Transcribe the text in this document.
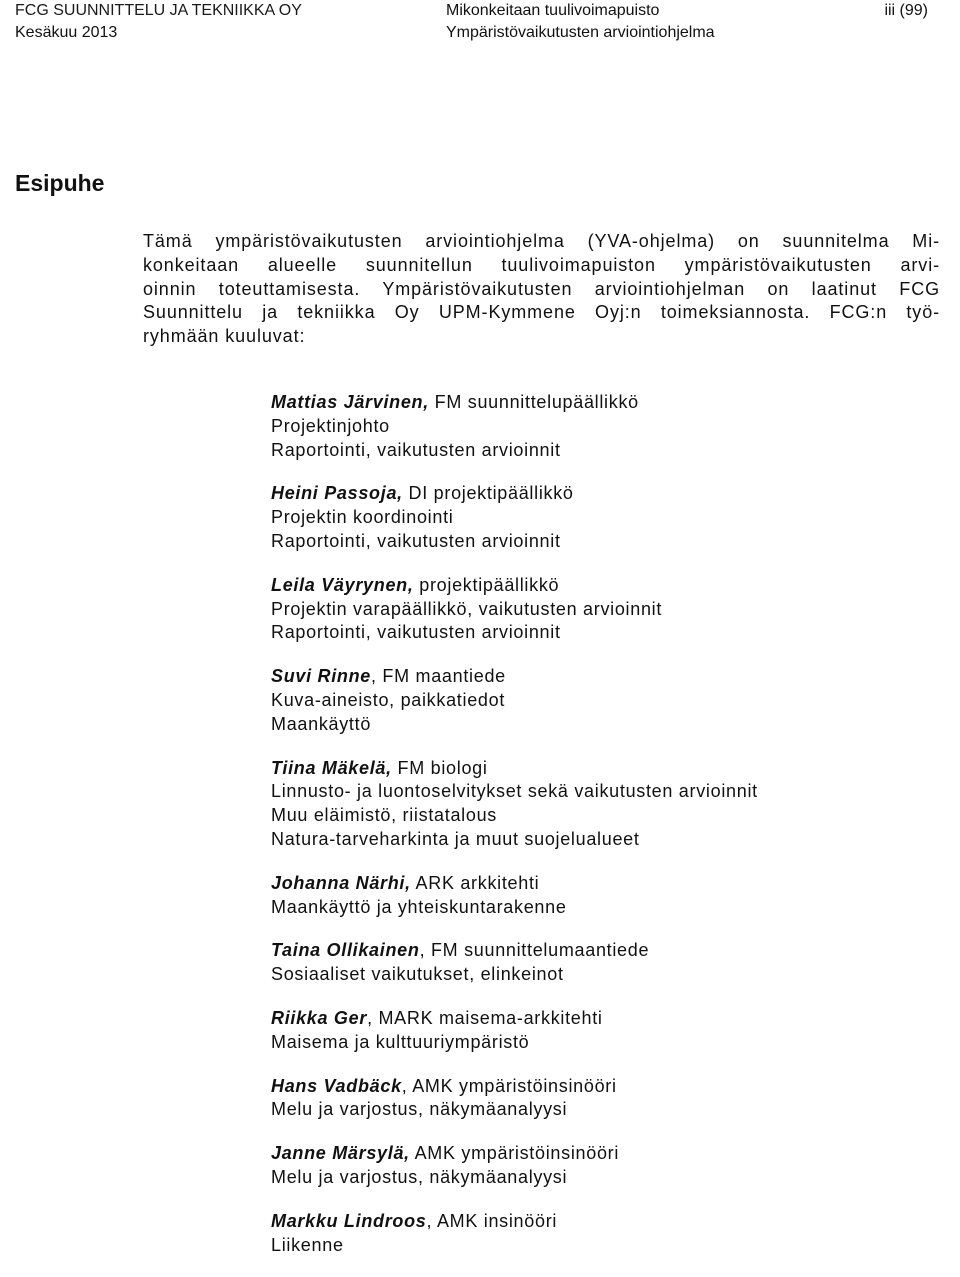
FCG SUUNNITTELU JA TEKNIIKKA OY
Kesäkuu 2013
Mikonkeitaan tuulivoimapuisto
Ympäristövaikutusten arviointiohjelma
iii (99)
Esipuhe
Tämä ympäristövaikutusten arviointiohjelma (YVA-ohjelma) on suunnitelma Mi-
konkeitaan alueelle suunnitellun tuulivoimapuiston ympäristövaikutusten arvi-
oinnin toteuttamisesta. Ympäristövaikutusten arviointiohjelman on laatinut FCG
Suunnittelu ja tekniikka Oy UPM-Kymmene Oyj:n toimeksiannosta. FCG:n työ-
ryhmään kuuluvat:
Mattias Järvinen, FM suunnittelupäällikkö
Projektinjohto
Raportointi, vaikutusten arvioinnit
Heini Passoja, DI projektipäällikkö
Projektin koordinointi
Raportointi, vaikutusten arvioinnit
Leila Väyrynen, projektipäällikkö
Projektin varapäällikkö, vaikutusten arvioinnit
Raportointi, vaikutusten arvioinnit
Suvi Rinne, FM maantiede
Kuva-aineisto, paikkatiedot
Maankäyttö
Tiina Mäkelä, FM biologi
Linnusto- ja luontoselvitykset sekä vaikutusten arvioinnit
Muu eläimistö, riistatalous
Natura-tarveharkinta ja muut suojelualueet
Johanna Närhi, ARK arkkitehti
Maankäyttö ja yhteiskuntarakenne
Taina Ollikainen, FM suunnittelumaantiede
Sosiaaliset vaikutukset, elinkeinot
Riikka Ger, MARK maisema-arkkitehti
Maisema ja kulttuuriympäristö
Hans Vadbäck, AMK ympäristöinsinööri
Melu ja varjostus, näkymäanalyysi
Janne Märsylä, AMK ympäristöinsinööri
Melu ja varjostus, näkymäanalyysi
Markku Lindroos, AMK insinööri
Liikenne
